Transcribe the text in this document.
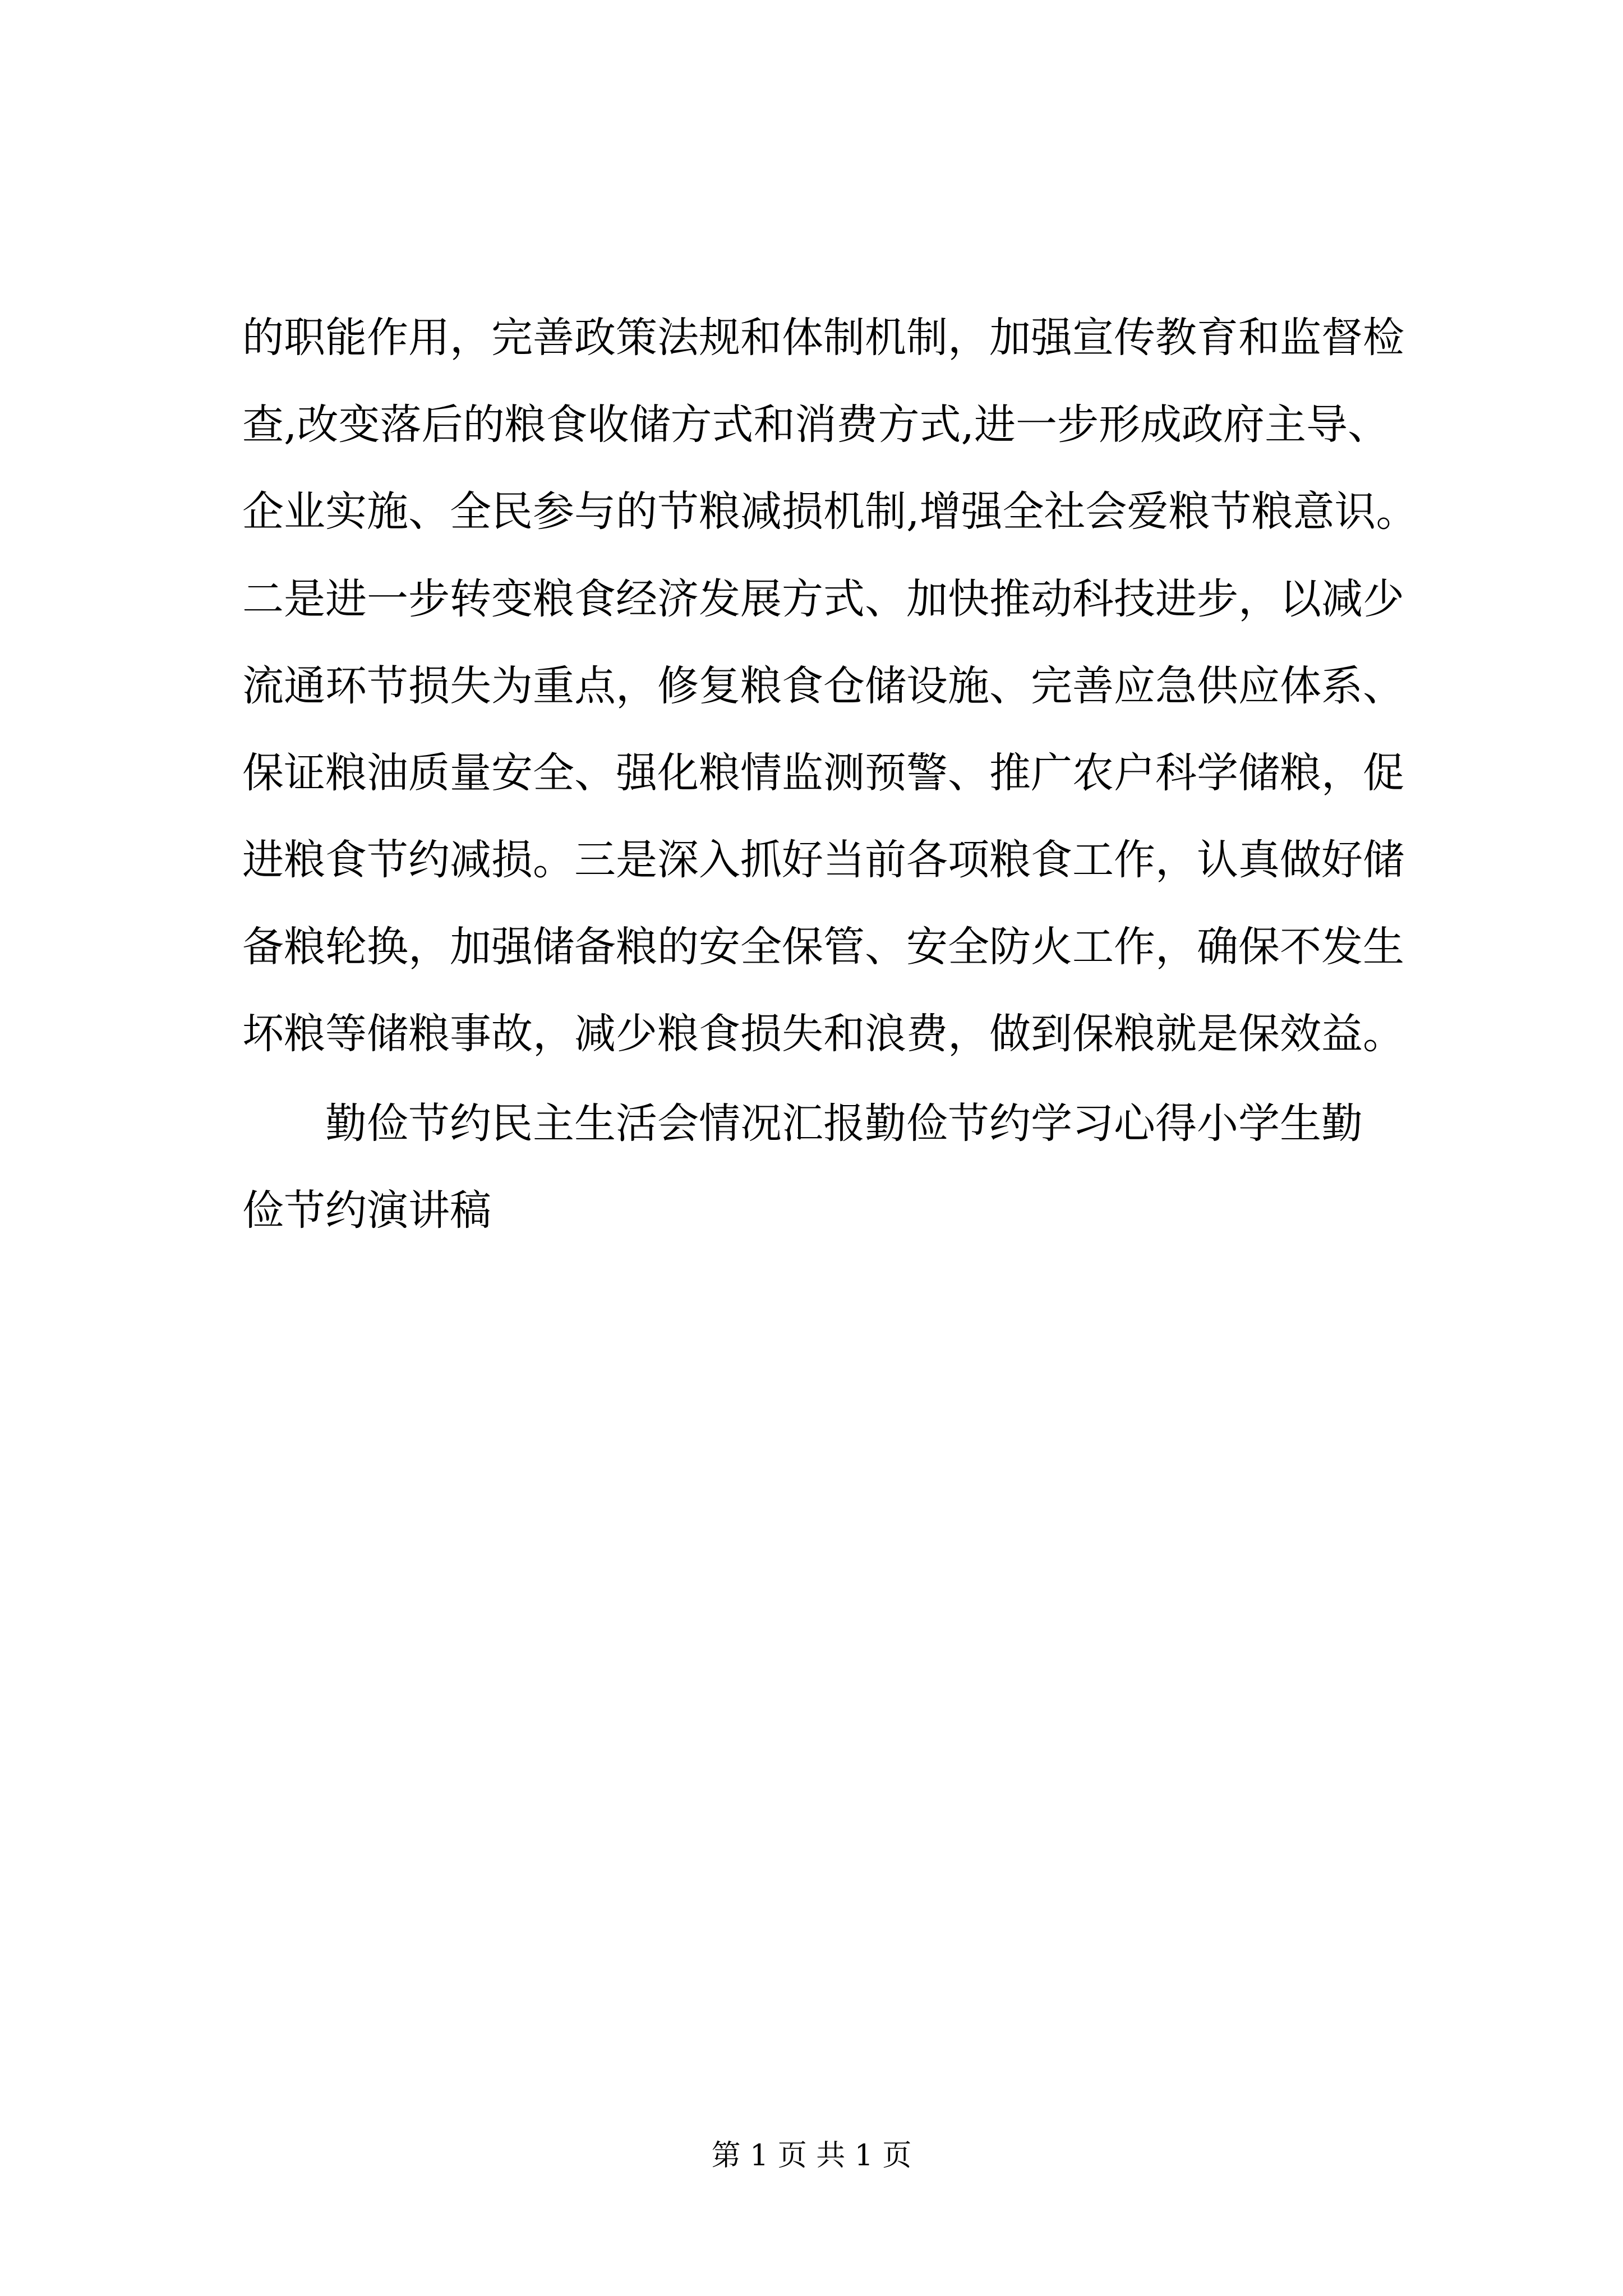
的职能作用，完善政策法规和体制机制，加强宣传教育和监督检
查,改变落后的粮食收储方式和消费方式,进一步形成政府主导、
企业实施、全民参与的节粮减损机制,增强全社会爱粮节粮意识。
二是进一步转变粮食经济发展方式、加快推动科技进步，以减少
流通环节损失为重点，修复粮食仓储设施、完善应急供应体系、
保证粮油质量安全、强化粮情监测预警、推广农户科学储粮，促
进粮食节约减损。三是深入抓好当前各项粮食工作，认真做好储
备粮轮换，加强储备粮的安全保管、安全防火工作，确保不发生
坏粮等储粮事故，减少粮食损失和浪费，做到保粮就是保效益。
勤俭节约民主生活会情况汇报勤俭节约学习心得小学生勤
俭节约演讲稿
第 1 页 共 1 页
